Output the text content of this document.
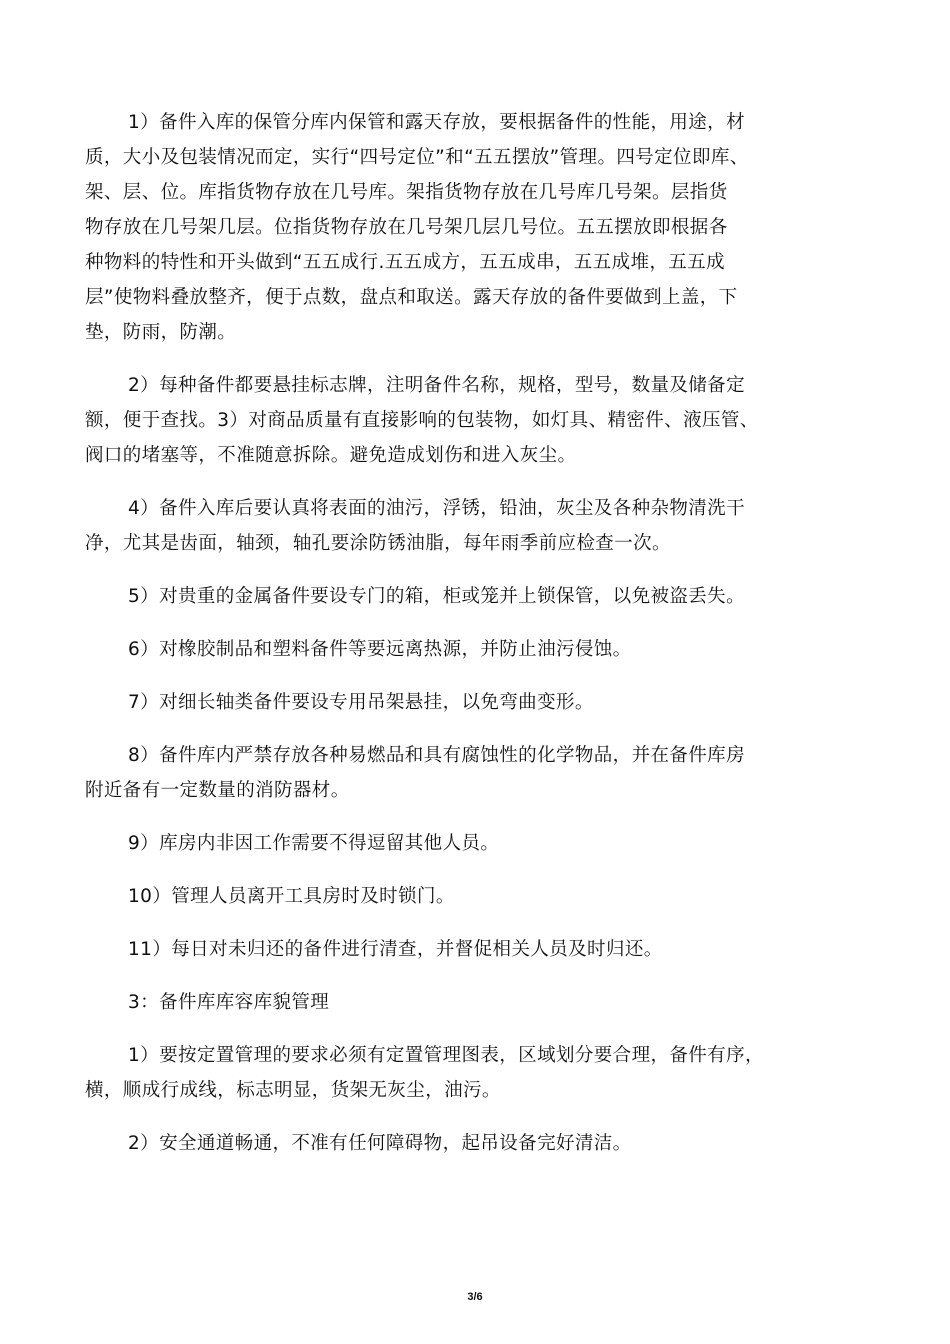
1）备件入库的保管分库内保管和露天存放，要根据备件的性能，用途，材
质，大小及包装情况而定，实行“四号定位”和“五五摆放”管理。四号定位即库、
架、层、位。库指货物存放在几号库。架指货物存放在几号库几号架。层指货
物存放在几号架几层。位指货物存放在几号架几层几号位。五五摆放即根据各
种物料的特性和开头做到“五五成行.五五成方，五五成串，五五成堆，五五成
层”使物料叠放整齐，便于点数，盘点和取送。露天存放的备件要做到上盖，下
垫，防雨，防潮。

2）每种备件都要悬挂标志牌，注明备件名称，规格，型号，数量及储备定
额，便于查找。3）对商品质量有直接影响的包装物，如灯具、精密件、液压管、
阀口的堵塞等，不准随意拆除。避免造成划伤和进入灰尘。

4）备件入库后要认真将表面的油污，浮锈，铅油，灰尘及各种杂物清洗干
净，尤其是齿面，轴颈，轴孔要涂防锈油脂，每年雨季前应检查一次。

5）对贵重的金属备件要设专门的箱，柜或笼并上锁保管，以免被盗丢失。

6）对橡胶制品和塑料备件等要远离热源，并防止油污侵蚀。

7）对细长轴类备件要设专用吊架悬挂，以免弯曲变形。

8）备件库内严禁存放各种易燃品和具有腐蚀性的化学物品，并在备件库房
附近备有一定数量的消防器材。

9）库房内非因工作需要不得逗留其他人员。

10）管理人员离开工具房时及时锁门。

11）每日对未归还的备件进行清查，并督促相关人员及时归还。

3：备件库库容库貌管理

1）要按定置管理的要求必须有定置管理图表，区域划分要合理，备件有序，
横，顺成行成线，标志明显，货架无灰尘，油污。

2）安全通道畅通，不准有任何障碍物，起吊设备完好清洁。

3/6
